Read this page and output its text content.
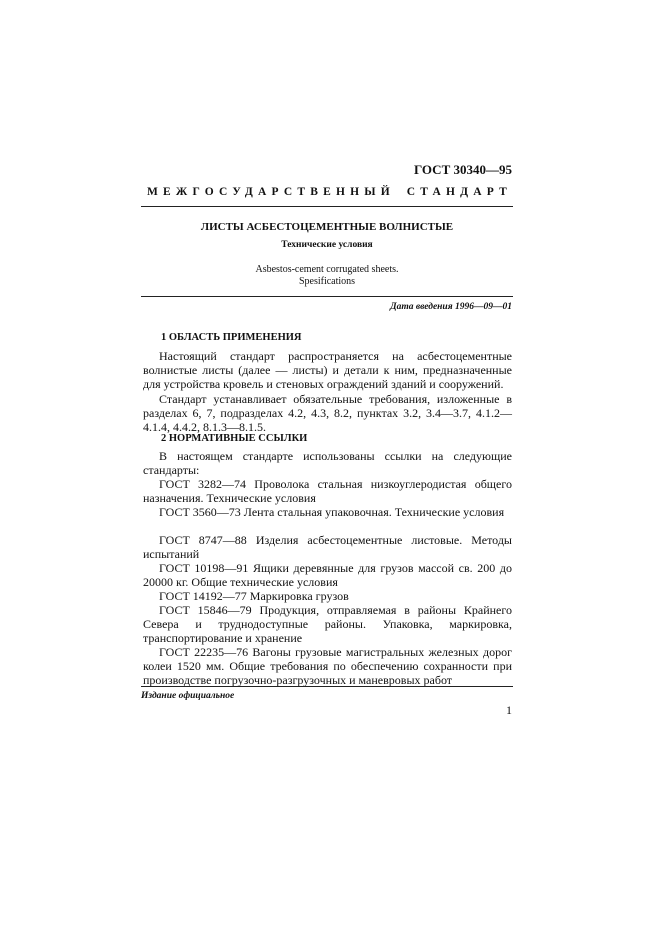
ГОСТ 30340—95
МЕЖГОСУДАРСТВЕННЫЙ СТАНДАРТ
ЛИСТЫ АСБЕСТОЦЕМЕНТНЫЕ ВОЛНИСТЫЕ
Технические условия
Asbestos-cement corrugated sheets.
Spesifications
Дата введения 1996—09—01
1 ОБЛАСТЬ ПРИМЕНЕНИЯ
Настоящий стандарт распространяется на асбестоцементные волнистые листы (далее — листы) и детали к ним, предназначенные для устройства кровель и стеновых ограждений зданий и сооружений.
Стандарт устанавливает обязательные требования, изложенные в разделах 6, 7, подразделах 4.2, 4.3, 8.2, пунктах 3.2, 3.4—3.7, 4.1.2—4.1.4, 4.4.2, 8.1.3—8.1.5.
2 НОРМАТИВНЫЕ ССЫЛКИ
В настоящем стандарте использованы ссылки на следующие стандарты:
ГОСТ 3282—74 Проволока стальная низкоуглеродистая общего назначения. Технические условия
ГОСТ 3560—73 Лента стальная упаковочная. Технические условия
ГОСТ 8747—88 Изделия асбестоцементные листовые. Методы испытаний
ГОСТ 10198—91 Ящики деревянные для грузов массой св. 200 до 20000 кг. Общие технические условия
ГОСТ 14192—77 Маркировка грузов
ГОСТ 15846—79 Продукция, отправляемая в районы Крайнего Севера и труднодоступные районы. Упаковка, маркировка, транспортирование и хранение
ГОСТ 22235—76 Вагоны грузовые магистральных железных дорог колеи 1520 мм. Общие требования по обеспечению сохранности при производстве погрузочно-разгрузочных и маневровых работ
Издание официальное
1
